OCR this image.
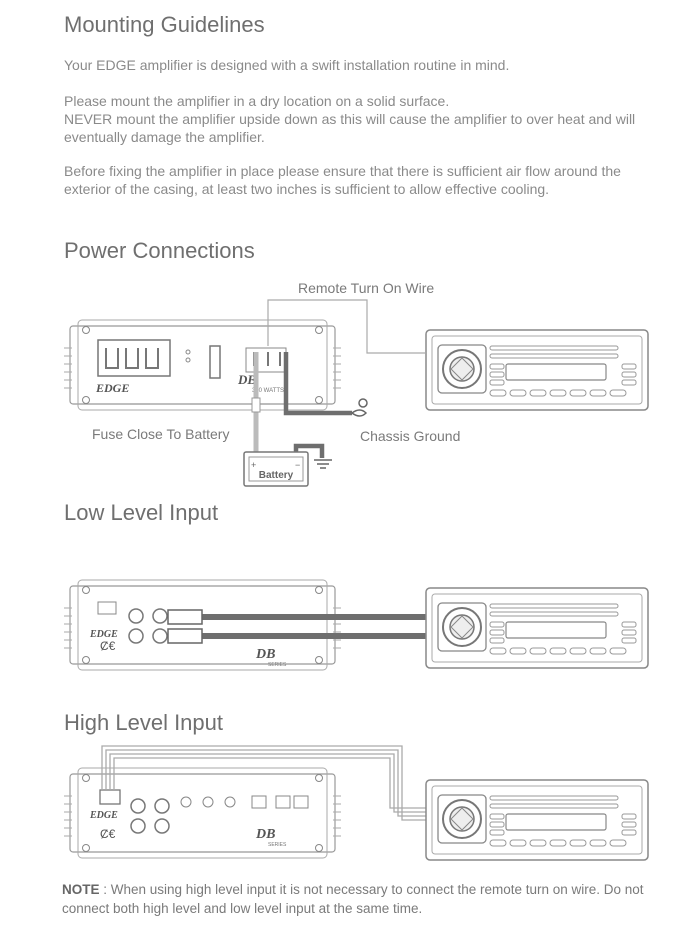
Mounting Guidelines

Your EDGE amplifier is designed with a swift installation routine in mind.

Please mount the amplifier in a dry location on a solid surface.

NEVER mount the amplifier upside down as this will cause the amplifier to over heat and will eventually damage the amplifier.

Before fixing the amplifier in place please ensure that there is sufficient air flow around the exterior of the casing, at least two inches is sufficient to allow effective cooling.

Power Connections
Remote Turn On Wire
Fuse Close To Battery	Chassis Ground
EDGE
DB
320 WATTS
+	−
Battery
Ȼ€
EDGE
DB
SERIES
Ȼ€
EDGE
DB
SERIES
Low Level Input
High Level Input
NOTE : When using high level input it is not necessary to connect the remote turn on wire. Do not connect both high level and low level input at the same time.
